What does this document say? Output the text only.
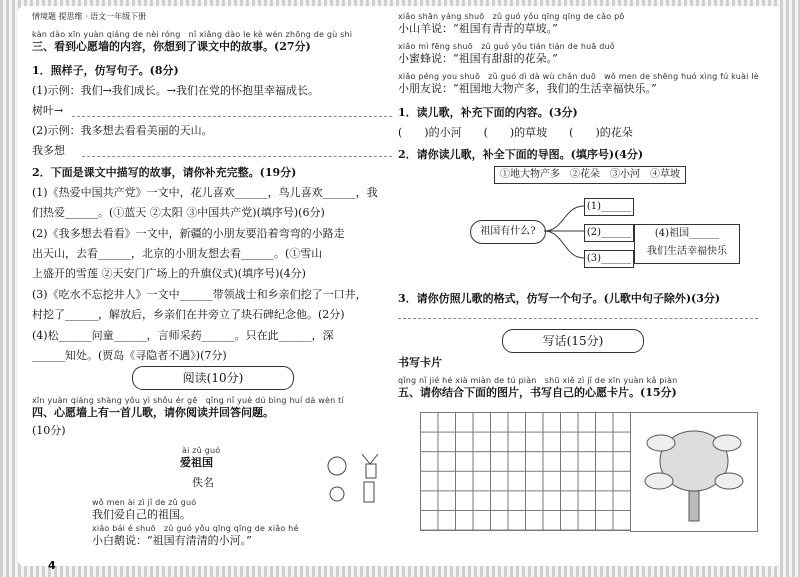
情境题 提思维 · 语文一年级下册
kàn dào xīn yuàn qiáng de nèi róng　nǐ xiǎng dào le kè wén zhōng de gù shi
三、看到心愿墙的内容，你想到了课文中的故事。(27分)
1．照样子，仿写句子。(8分)
(1)示例：我们→我们成长。→我们在党的怀抱里幸福成长。
树叶→
(2)示例：我多想去看看美丽的天山。
我多想
2．下面是课文中描写的故事，请你补充完整。(19分)
(1)《热爱中国共产党》一文中，花儿喜欢______，鸟儿喜欢______，我
们热爱______。(①蓝天 ②太阳 ③中国共产党)(填序号)(6分)
(2)《我多想去看看》一文中，新疆的小朋友要沿着弯弯的小路走
出天山，去看______，北京的小朋友想去看______。(①雪山
上盛开的雪莲 ②天安门广场上的升旗仪式)(填序号)(4分)
(3)《吃水不忘挖井人》一文中______带领战士和乡亲们挖了一口井，
村挖了______，解放后，乡亲们在井旁立了块石碑纪念他。(2分)
(4)松______问童______，言师采药______。只在此______，深
______知处。(贾岛《寻隐者不遇》)(7分)
阅读(10分)
xīn yuàn qiáng shàng yǒu yì shǒu ér gē　qǐng nǐ yuè dú bìng huí dá wèn tí
四、心愿墙上有一首儿歌，请你阅读并回答问题。
(10分)
ài zǔ guó
爱祖国
佚名
wǒ men ài zì jǐ de zǔ guó
我们爱自己的祖国。
xiǎo bái é shuō　zǔ guó yǒu qīng qīng de xiǎo hé
小白鹅说：“祖国有清清的小河。”
4
xiǎo shān yáng shuō　zǔ guó yǒu qīng qīng de cǎo pō
小山羊说：“祖国有青青的草坡。”
xiǎo mì fēng shuō　zǔ guó yǒu tián tián de huā duǒ
小蜜蜂说：“祖国有甜甜的花朵。”
xiǎo péng you shuō　zǔ guó dì dà wù chǎn duō　wǒ men de shēng huó xìng fú kuài lè
小朋友说：“祖国地大物产多，我们的生活幸福快乐。”
1．读儿歌，补充下面的内容。(3分)
(　　)的小河　　(　　)的草坡　　(　　)的花朵
2．请你读儿歌，补全下面的导图。(填序号)(4分)
①地大物产多　②花朵　③小河　④草坡
祖国有什么?
(1)______
(2)______
(3)______
(4)祖国______
我们生活幸福快乐
3．请你仿照儿歌的格式，仿写一个句子。(儿歌中句子除外)(3分)
写话(15分)
书写卡片
qǐng nǐ jié hé xià miàn de tú piàn　shū xiě zì jǐ de xīn yuàn kǎ piàn
五、请你结合下面的图片，书写自己的心愿卡片。(15分)
